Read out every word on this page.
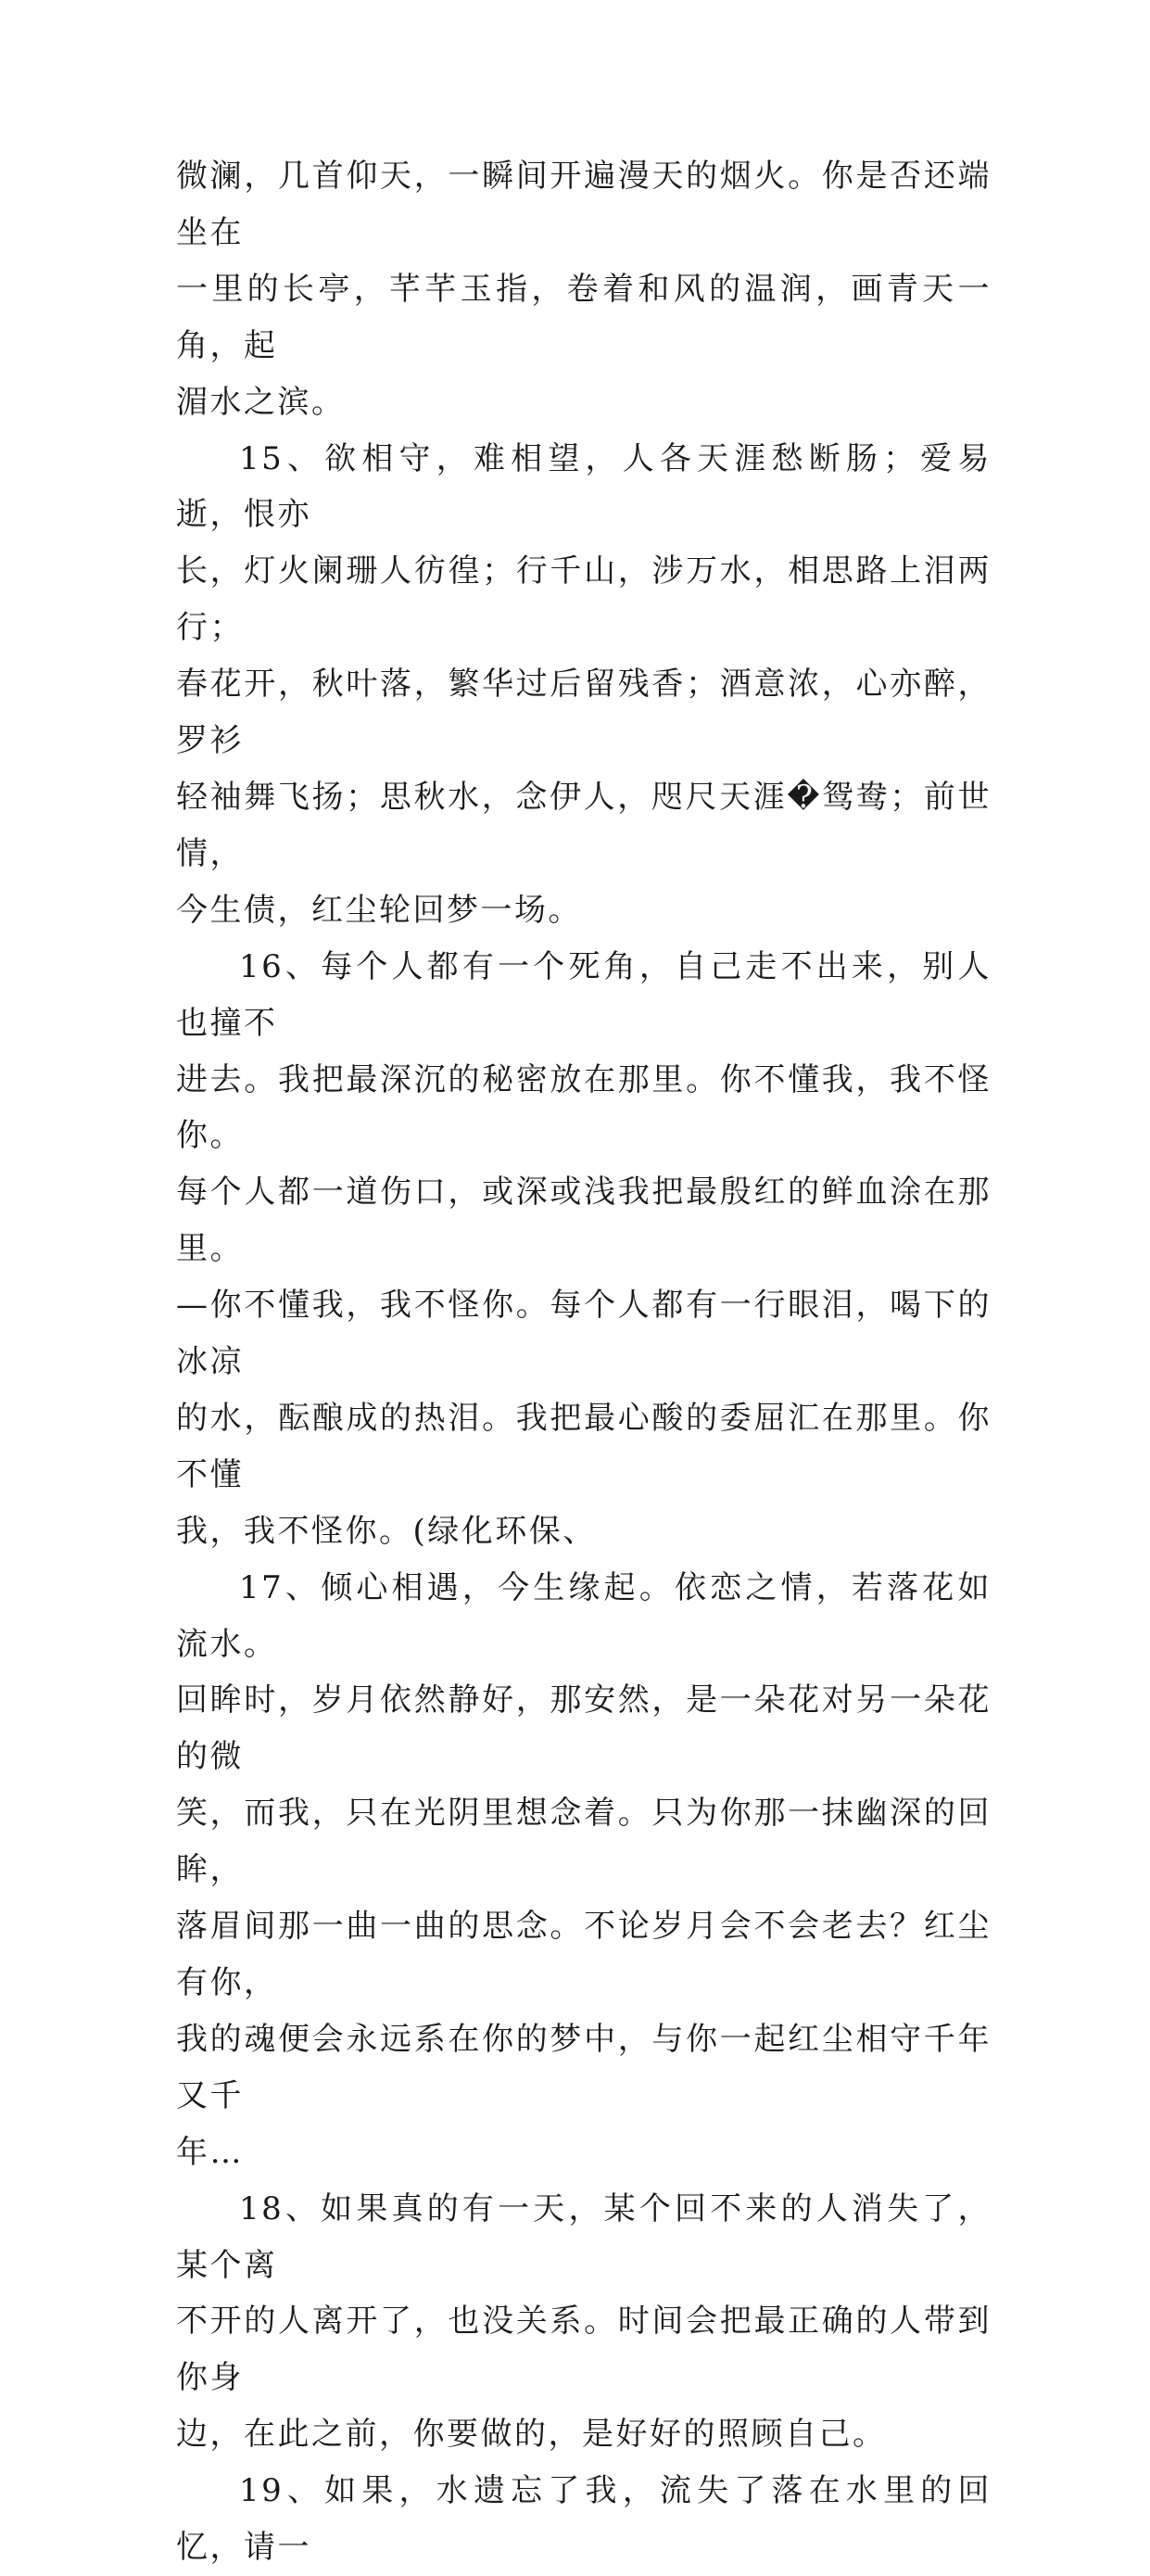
微澜，几首仰天，一瞬间开遍漫天的烟火。你是否还端坐在
一里的长亭，芊芊玉指，卷着和风的温润，画青天一角，起
湄水之滨。

15、欲相守，难相望，人各天涯愁断肠；爱易逝，恨亦
长，灯火阑珊人彷徨；行千山，涉万水，相思路上泪两行；
春花开，秋叶落，繁华过后留残香；酒意浓，心亦醉，罗衫
轻袖舞飞扬；思秋水，念伊人，咫尺天涯�鸳鸯；前世情，
今生债，红尘轮回梦一场。

16、每个人都有一个死角，自己走不出来，别人也撞不
进去。我把最深沉的秘密放在那里。你不懂我，我不怪你。
每个人都一道伤口，或深或浅我把最殷红的鲜血涂在那里。
—你不懂我，我不怪你。每个人都有一行眼泪，喝下的冰凉
的水，酝酿成的热泪。我把最心酸的委屈汇在那里。你不懂
我，我不怪你。(绿化环保、

17、倾心相遇，今生缘起。依恋之情，若落花如流水。
回眸时，岁月依然静好，那安然，是一朵花对另一朵花的微
笑，而我，只在光阴里想念着。只为你那一抹幽深的回眸，
落眉间那一曲一曲的思念。不论岁月会不会老去？红尘有你，
我的魂便会永远系在你的梦中，与你一起红尘相守千年又千
年…

18、如果真的有一天，某个回不来的人消失了，某个离
不开的人离开了，也没关系。时间会把最正确的人带到你身
边，在此之前，你要做的，是好好的照顾自己。

19、如果，水遗忘了我，流失了落在水里的回忆，请一
